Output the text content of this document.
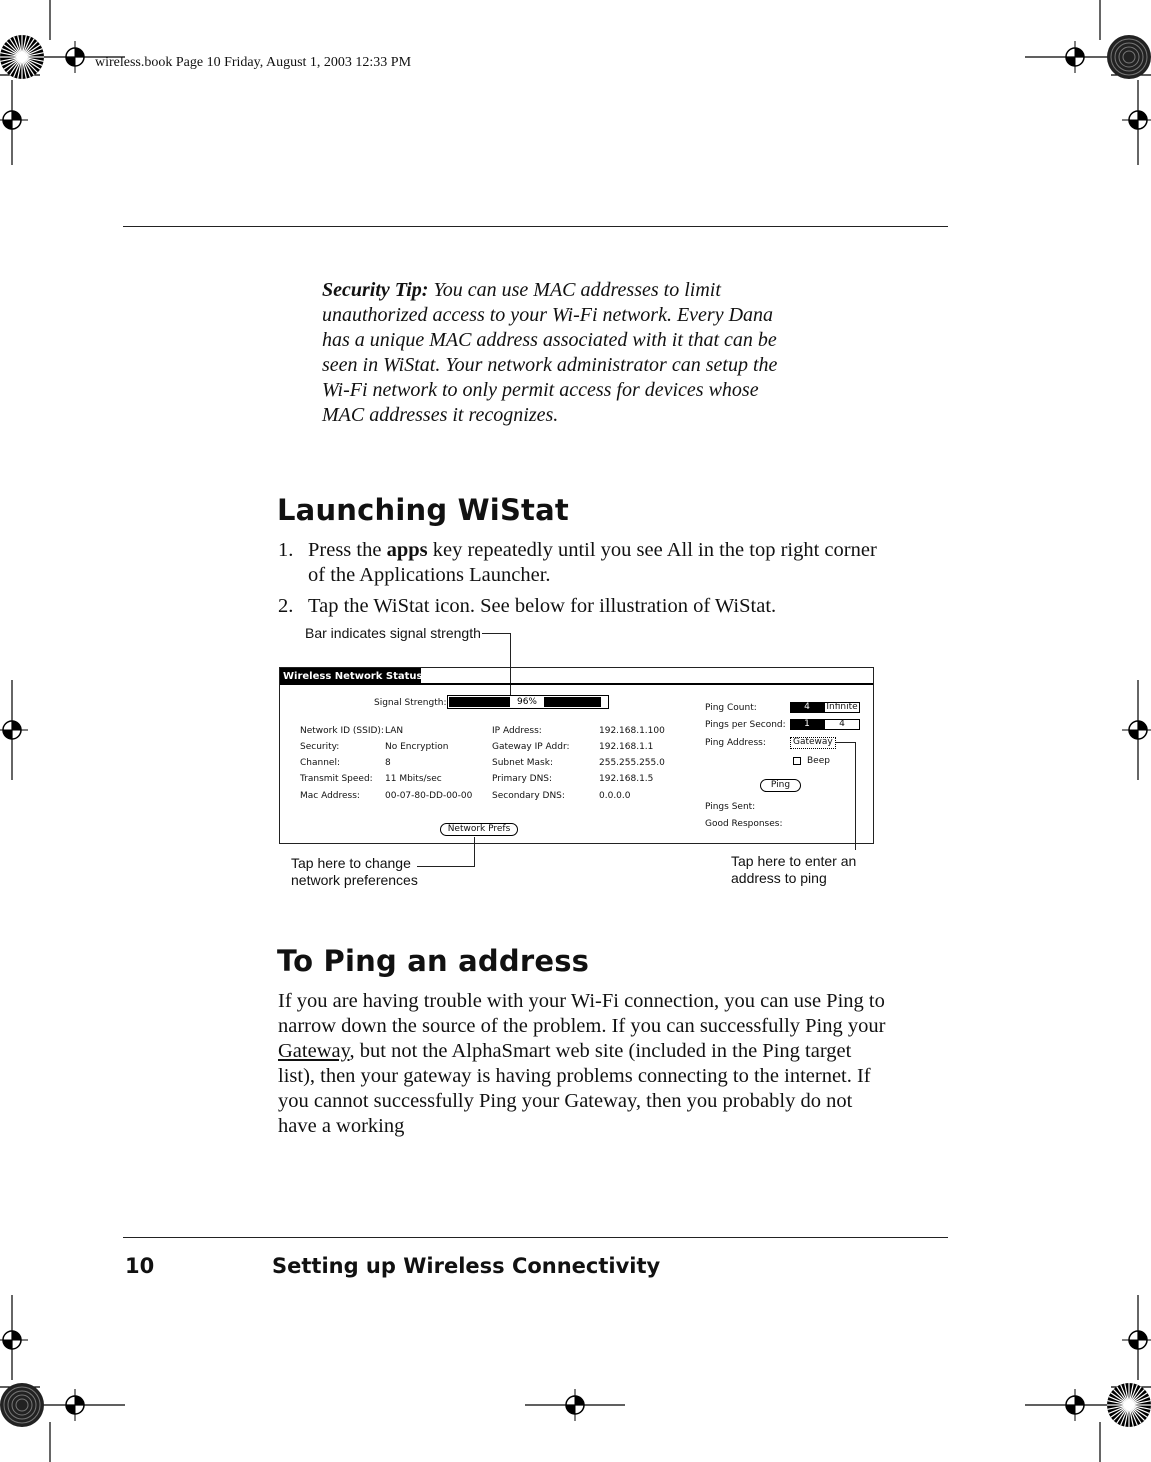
wireless.book Page 10 Friday, August 1, 2003 12:33 PM
Security Tip: You can use MAC addresses to limit unauthorized access to your Wi-Fi network. Every Dana has a unique MAC address associated with it that can be seen in WiStat. Your network administrator can setup the Wi-Fi network to only permit access for devices whose MAC addresses it recognizes.
Launching WiStat
1. Press the apps key repeatedly until you see All in the top right corner of the Applications Launcher.
2. Tap the WiStat icon. See below for illustration of WiStat.
Bar indicates signal strength
Tap here to change
network preferences
Tap here to enter an
address to ping
Wireless Network Status
Signal Strength:	96%
Network ID (SSID): LAN
Security:	No Encryption
Channel:	8
Transmit Speed: 11 Mbits/sec
Mac Address:	00-07-80-DD-00-00
IP Address:	192.168.1.100
Gateway IP Addr:	192.168.1.1
Subnet Mask:	255.255.255.0
Primary DNS:	192.168.1.5
Secondary DNS:	0.0.0.0
Ping Count:	4	Infinite
Pings per Second:	1	4
Ping Address:	Gateway
Beep
Ping
Pings Sent:
Good Responses:
Network Prefs
To Ping an address
If you are having trouble with your Wi-Fi connection, you can use Ping to narrow down the source of the problem. If you can successfully Ping your Gateway, but not the AlphaSmart web site (included in the Ping target list), then your gateway is having problems connecting to the internet. If you cannot successfully Ping your Gateway, then you probably do not have a working
10	Setting up Wireless Connectivity
